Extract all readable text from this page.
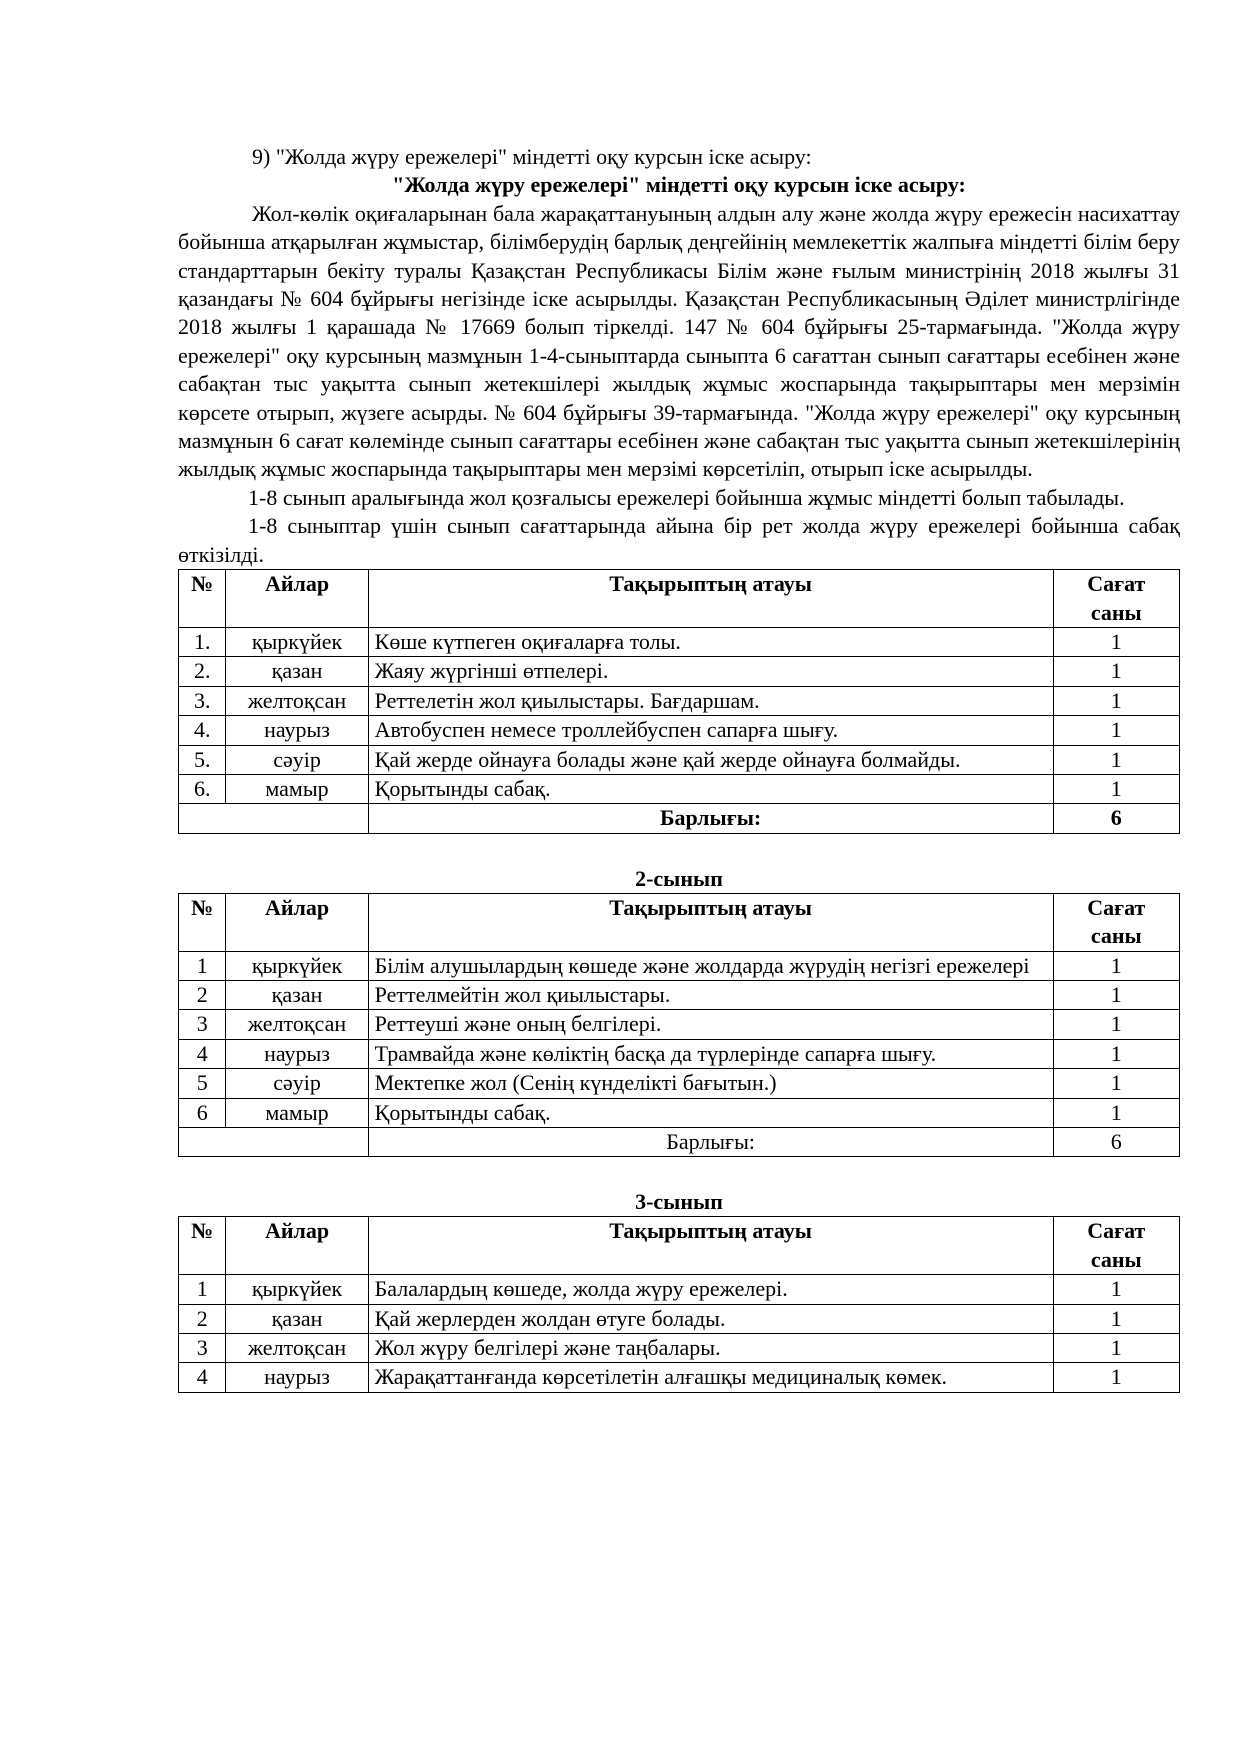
9) "Жолда жүру ережелері" міндетті оқу курсын іске асыру:

"Жолда жүру ережелері" міндетті оқу курсын іске асыру:

Жол-көлік оқиғаларынан бала жарақаттануының алдын алу және жолда жүру ережесін насихаттау бойынша атқарылған жұмыстар, білімберудің барлық деңгейінің мемлекеттік жалпыға міндетті білім беру стандарттарын бекіту туралы Қазақстан Республикасы Білім және ғылым министрінің 2018 жылғы 31 қазандағы № 604 бұйрығы негізінде іске асырылды. Қазақстан Республикасының Әділет министрлігінде 2018 жылғы 1 қарашада № 17669 болып тіркелді. 147 № 604 бұйрығы 25-тармағында. "Жолда жүру ережелері" оқу курсының мазмұнын 1-4-сыныптарда сыныпта 6 сағаттан сынып сағаттары есебінен және сабақтан тыс уақытта сынып жетекшілері жылдық жұмыс жоспарында тақырыптары мен мерзімін көрсете отырып, жүзеге асырды. № 604 бұйрығы 39-тармағында. "Жолда жүру ережелері" оқу курсының мазмұнын 6 сағат көлемінде сынып сағаттары есебінен және сабақтан тыс уақытта сынып жетекшілерінің жылдық жұмыс жоспарында тақырыптары мен мерзімі көрсетіліп, отырып іске асырылды.

1-8 сынып аралығында жол қозғалысы ережелері бойынша жұмыс міндетті болып табылады.

1-8 сыныптар үшін сынып сағаттарында айына бір рет жолда жүру ережелері бойынша сабақ өткізілді.

№	Айлар	Тақырыптың атауы	Сағат
саны
1.	қыркүйек	Көше күтпеген оқиғаларға толы.	1
2.	қазан	Жаяу жүргінші өтпелері.	1
3.	желтоқсан	Реттелетін жол қиылыстары. Бағдаршам.	1
4.	наурыз	Автобуспен немесе троллейбуспен сапарға шығу.	1
5.	сәуір	Қай жерде ойнауға болады және қай жерде ойнауға болмайды.	1
6.	мамыр	Қорытынды сабақ.	1
		Барлығы:	6

2-сынып

№	Айлар	Тақырыптың атауы	Сағат
саны
1	қыркүйек	Білім алушылардың көшеде және жолдарда жүрудің негізгі ережелері	1
2	қазан	Реттелмейтін жол қиылыстары.	1
3	желтоқсан	Реттеуші және оның белгілері.	1
4	наурыз	Трамвайда және көліктің басқа да түрлерінде сапарға шығу.	1
5	сәуір	Мектепке жол (Сенің күнделікті бағытын.)	1
6	мамыр	Қорытынды сабақ.	1
		Барлығы:	6

3-сынып

№	Айлар	Тақырыптың атауы	Сағат
саны
1	қыркүйек	Балалардың көшеде, жолда жүру ережелері.	1
2	қазан	Қай жерлерден жолдан өтуге болады.	1
3	желтоқсан	Жол жүру белгілері және таңбалары.	1
4	наурыз	Жарақаттанғанда көрсетілетін алғашқы медициналық көмек.	1
